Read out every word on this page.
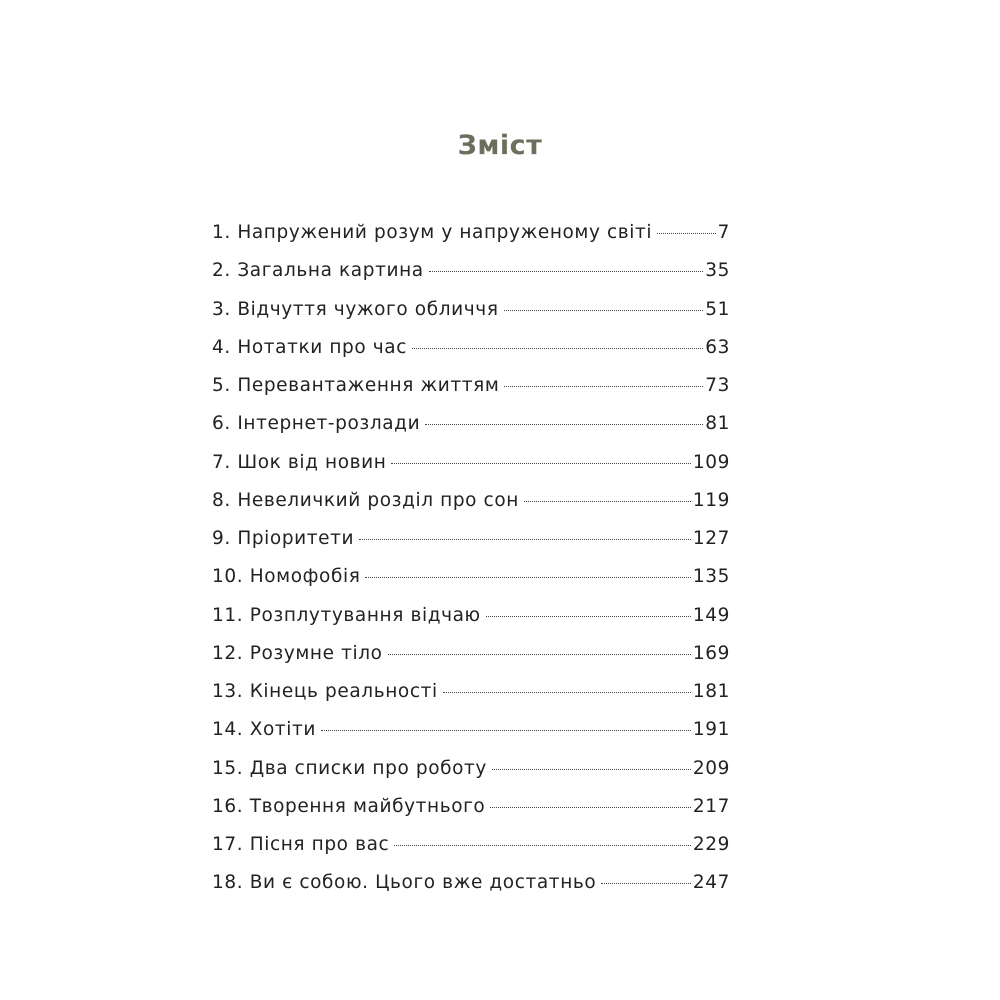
Зміст
1. Напружений розум у напруженому світі	7
2. Загальна картина	35
3. Відчуття чужого обличчя	51
4. Нотатки про час	63
5. Перевантаження життям	73
6. Інтернет-розлади	81
7. Шок від новин	109
8. Невеличкий розділ про сон	119
9. Пріоритети	127
10. Номофобія	135
11. Розплутування відчаю	149
12. Розумне тіло	169
13. Кінець реальності	181
14. Хотіти	191
15. Два списки про роботу	209
16. Творення майбутнього	217
17. Пісня про вас	229
18. Ви є собою. Цього вже достатньо	247
